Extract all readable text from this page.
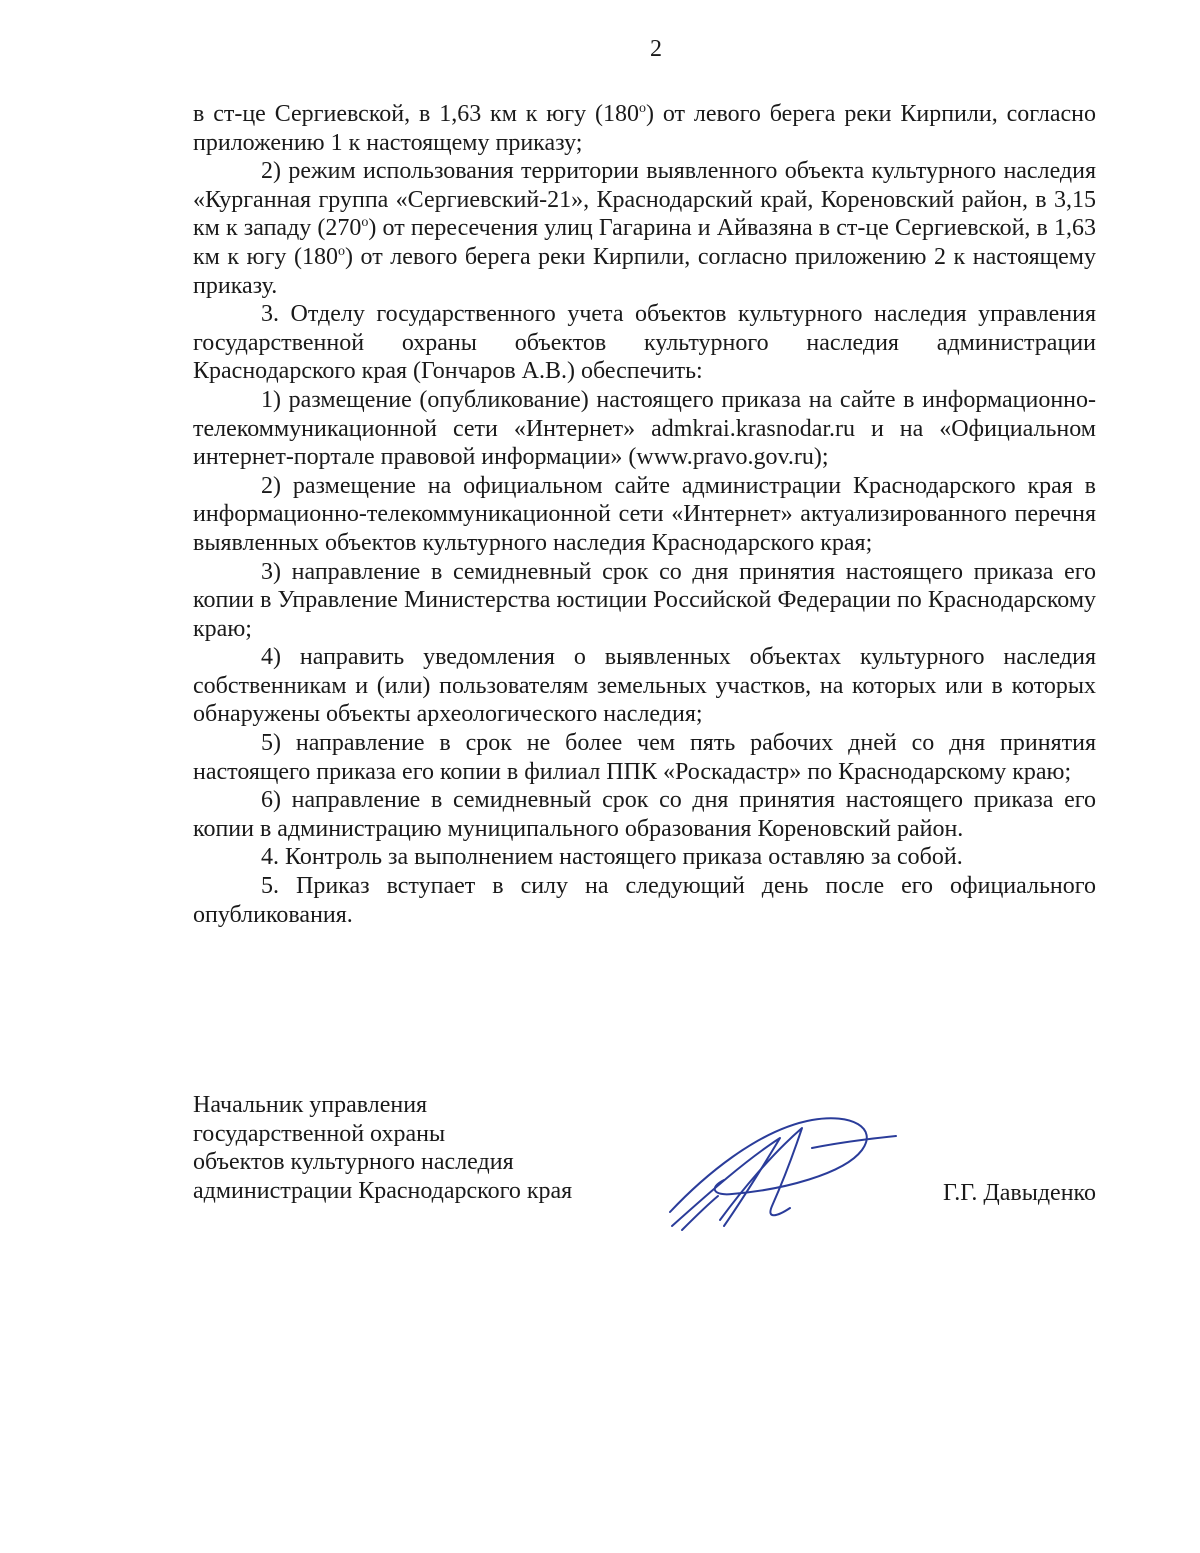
2

в ст-це Сергиевской, в 1,63 км к югу $(180^о)$ от левого берега реки Кирпили, согласно приложению 1 к настоящему приказу;

2) режим использования территории выявленного объекта культурного наследия «Курганная группа «Сергиевский-21», Краснодарский край, Кореновский район, в 3,15 км к западу $(270^о)$ от пересечения улиц Гагарина и Айвазяна в ст-це Сергиевской, в 1,63 км к югу $(180^о)$ от левого берега реки Кирпили, согласно приложению 2 к настоящему приказу.

3. Отделу государственного учета объектов культурного наследия управления государственной охраны объектов культурного наследия администрации Краснодарского края (Гончаров А.В.) обеспечить:

1) размещение (опубликование) настоящего приказа на сайте в информационно-телекоммуникационной сети «Интернет» admkrai.krasnodar.ru и на «Официальном интернет-портале правовой информации» (www.pravo.gov.ru);

2) размещение на официальном сайте администрации Краснодарского края в информационно-телекоммуникационной сети «Интернет» актуализированного перечня выявленных объектов культурного наследия Краснодарского края;

3) направление в семидневный срок со дня принятия настоящего приказа его копии в Управление Министерства юстиции Российской Федерации по Краснодарскому краю;

4) направить уведомления о выявленных объектах культурного наследия собственникам и (или) пользователям земельных участков, на которых или в которых обнаружены объекты археологического наследия;

5) направление в срок не более чем пять рабочих дней со дня принятия настоящего приказа его копии в филиал ППК «Роскадастр» по Краснодарскому краю;

6) направление в семидневный срок со дня принятия настоящего приказа его копии в администрацию муниципального образования Кореновский район.

4. Контроль за выполнением настоящего приказа оставляю за собой.

5. Приказ вступает в силу на следующий день после его официального опубликования.

Начальник управления
государственной охраны
объектов культурного наследия
администрации Краснодарского края	Г.Г. Давыденко
